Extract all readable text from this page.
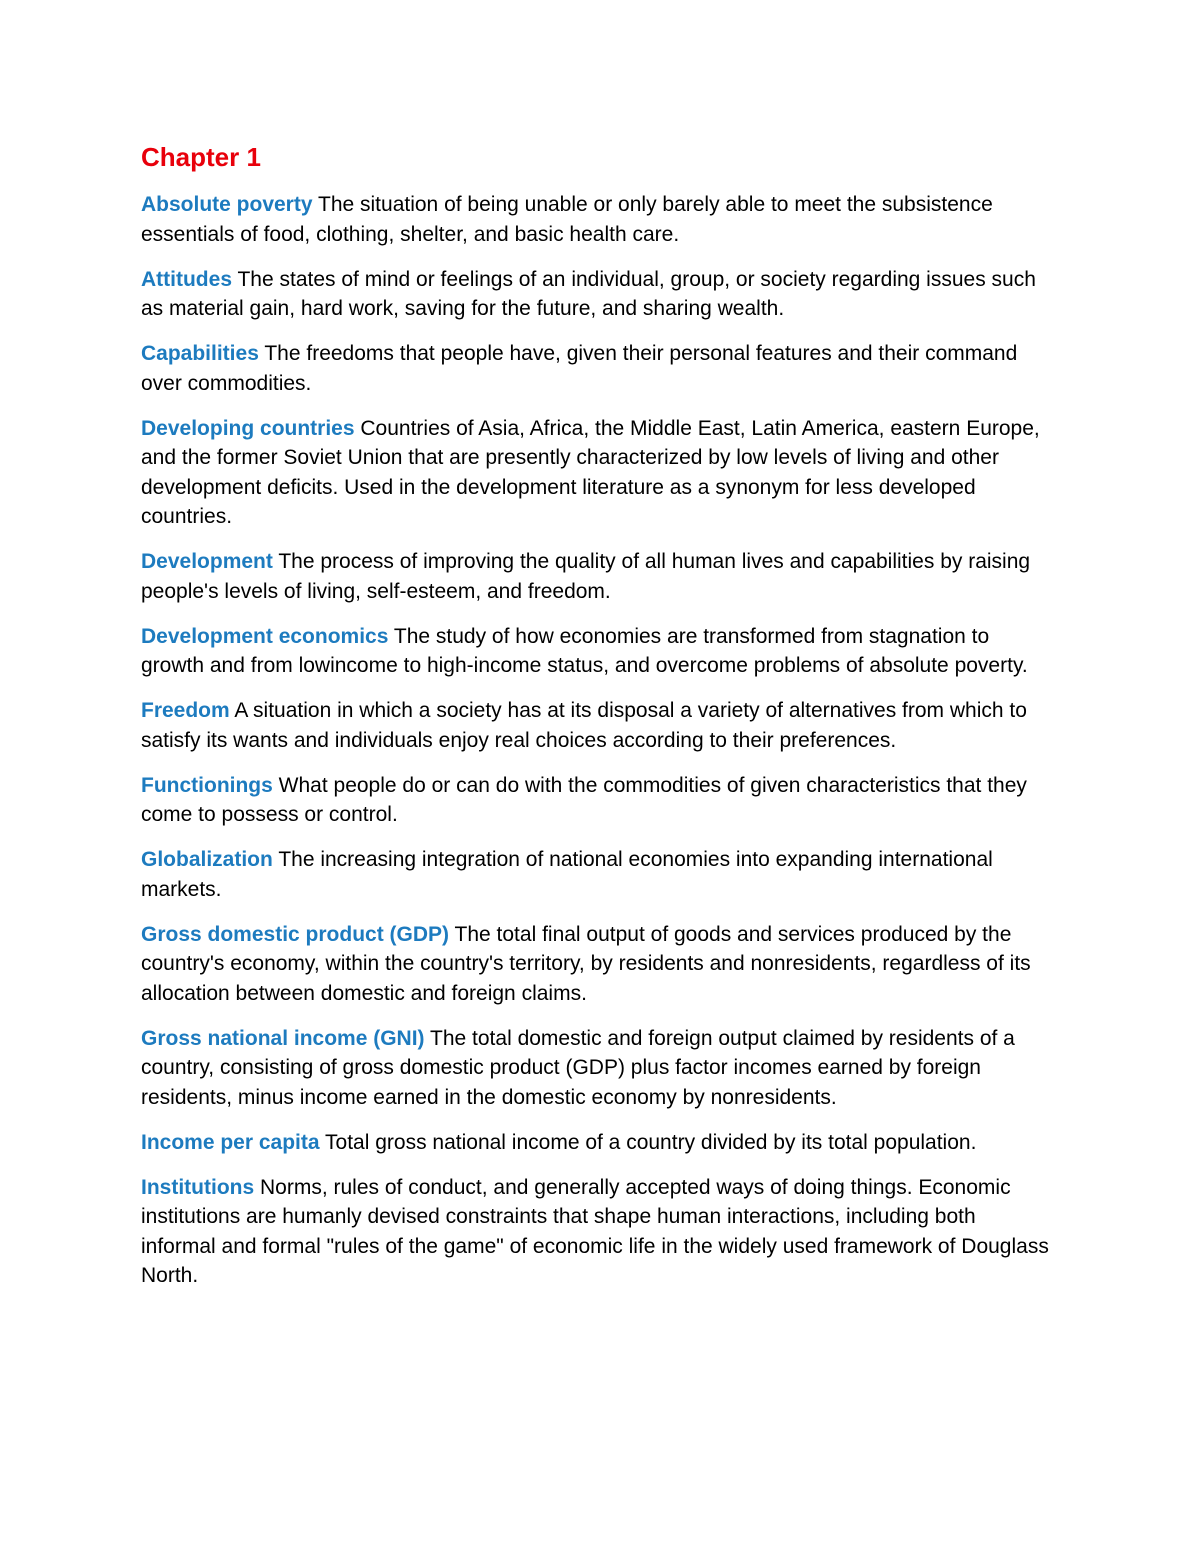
Chapter 1

Absolute poverty The situation of being unable or only barely able to meet the subsistence essentials of food, clothing, shelter, and basic health care.

Attitudes The states of mind or feelings of an individual, group, or society regarding issues such as material gain, hard work, saving for the future, and sharing wealth.

Capabilities The freedoms that people have, given their personal features and their command over commodities.

Developing countries Countries of Asia, Africa, the Middle East, Latin America, eastern Europe, and the former Soviet Union that are presently characterized by low levels of living and other development deficits. Used in the development literature as a synonym for less developed countries.

Development The process of improving the quality of all human lives and capabilities by raising people's levels of living, self-esteem, and freedom.

Development economics The study of how economies are transformed from stagnation to growth and from lowincome to high-income status, and overcome problems of absolute poverty.

Freedom A situation in which a society has at its disposal a variety of alternatives from which to satisfy its wants and individuals enjoy real choices according to their preferences.

Functionings What people do or can do with the commodities of given characteristics that they come to possess or control.

Globalization The increasing integration of national economies into expanding international markets.

Gross domestic product (GDP) The total final output of goods and services produced by the country's economy, within the country's territory, by residents and nonresidents, regardless of its allocation between domestic and foreign claims.

Gross national income (GNI) The total domestic and foreign output claimed by residents of a country, consisting of gross domestic product (GDP) plus factor incomes earned by foreign residents, minus income earned in the domestic economy by nonresidents.

Income per capita Total gross national income of a country divided by its total population.

Institutions Norms, rules of conduct, and generally accepted ways of doing things. Economic institutions are humanly devised constraints that shape human interactions, including both informal and formal "rules of the game" of economic life in the widely used framework of Douglass North.
